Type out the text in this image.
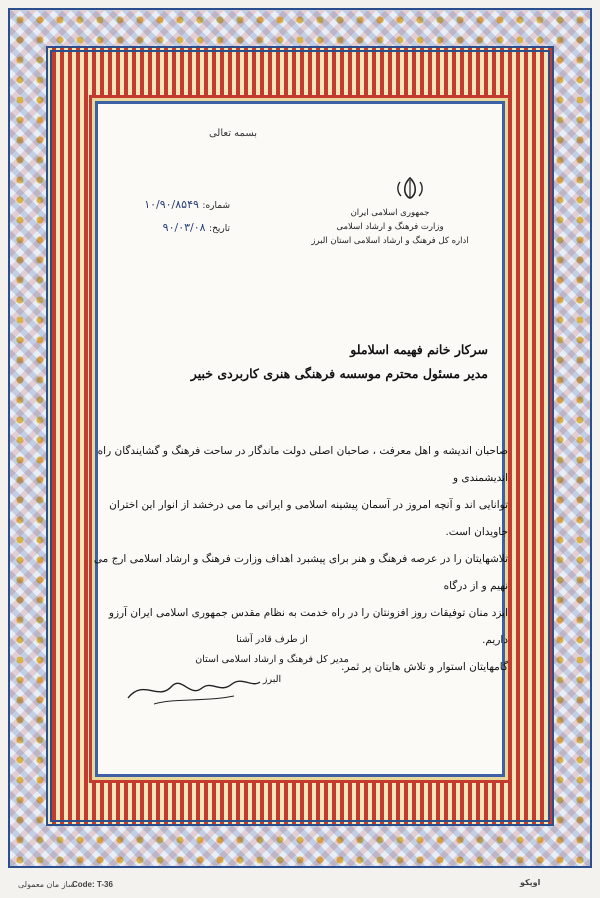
بسمه تعالی
جمهوری اسلامی ایران
وزارت فرهنگ و ارشاد اسلامی
اداره کل فرهنگ و ارشاد اسلامی استان البرز
شماره: ۱۰/۹۰/۸۵۴۹
تاریخ: ۹۰/۰۳/۰۸
سرکار خانم فهیمه اسلاملو
مدیر مسئول محترم موسسه فرهنگی هنری کاربردی خبیر

صاحبان اندیشه و اهل معرفت ، صاحبان اصلی دولت ماندگار در ساحت فرهنگ و گشایندگان راه اندیشمندی و

توانایی اند و آنچه امروز در آسمان پیشینه اسلامی و ایرانی ما می درخشد از انوار این اختران جاویدان است.

تلاشهایتان را در عرصه فرهنگ و هنر برای پیشبرد اهداف وزارت فرهنگ و ارشاد اسلامی ارج می نهیم و از درگاه

ایزد منان توفیقات روز افزونتان را در راه خدمت به نظام مقدس جمهوری اسلامی ایران آرزو داریم.

گامهایتان استوار و تلاش هایتان پر ثمر.

از طرف قادر آشنا
مدیر کل فرهنگ و ارشاد اسلامی استان البرز
ساز مان معمولی
Code: T-36	اوپکو
